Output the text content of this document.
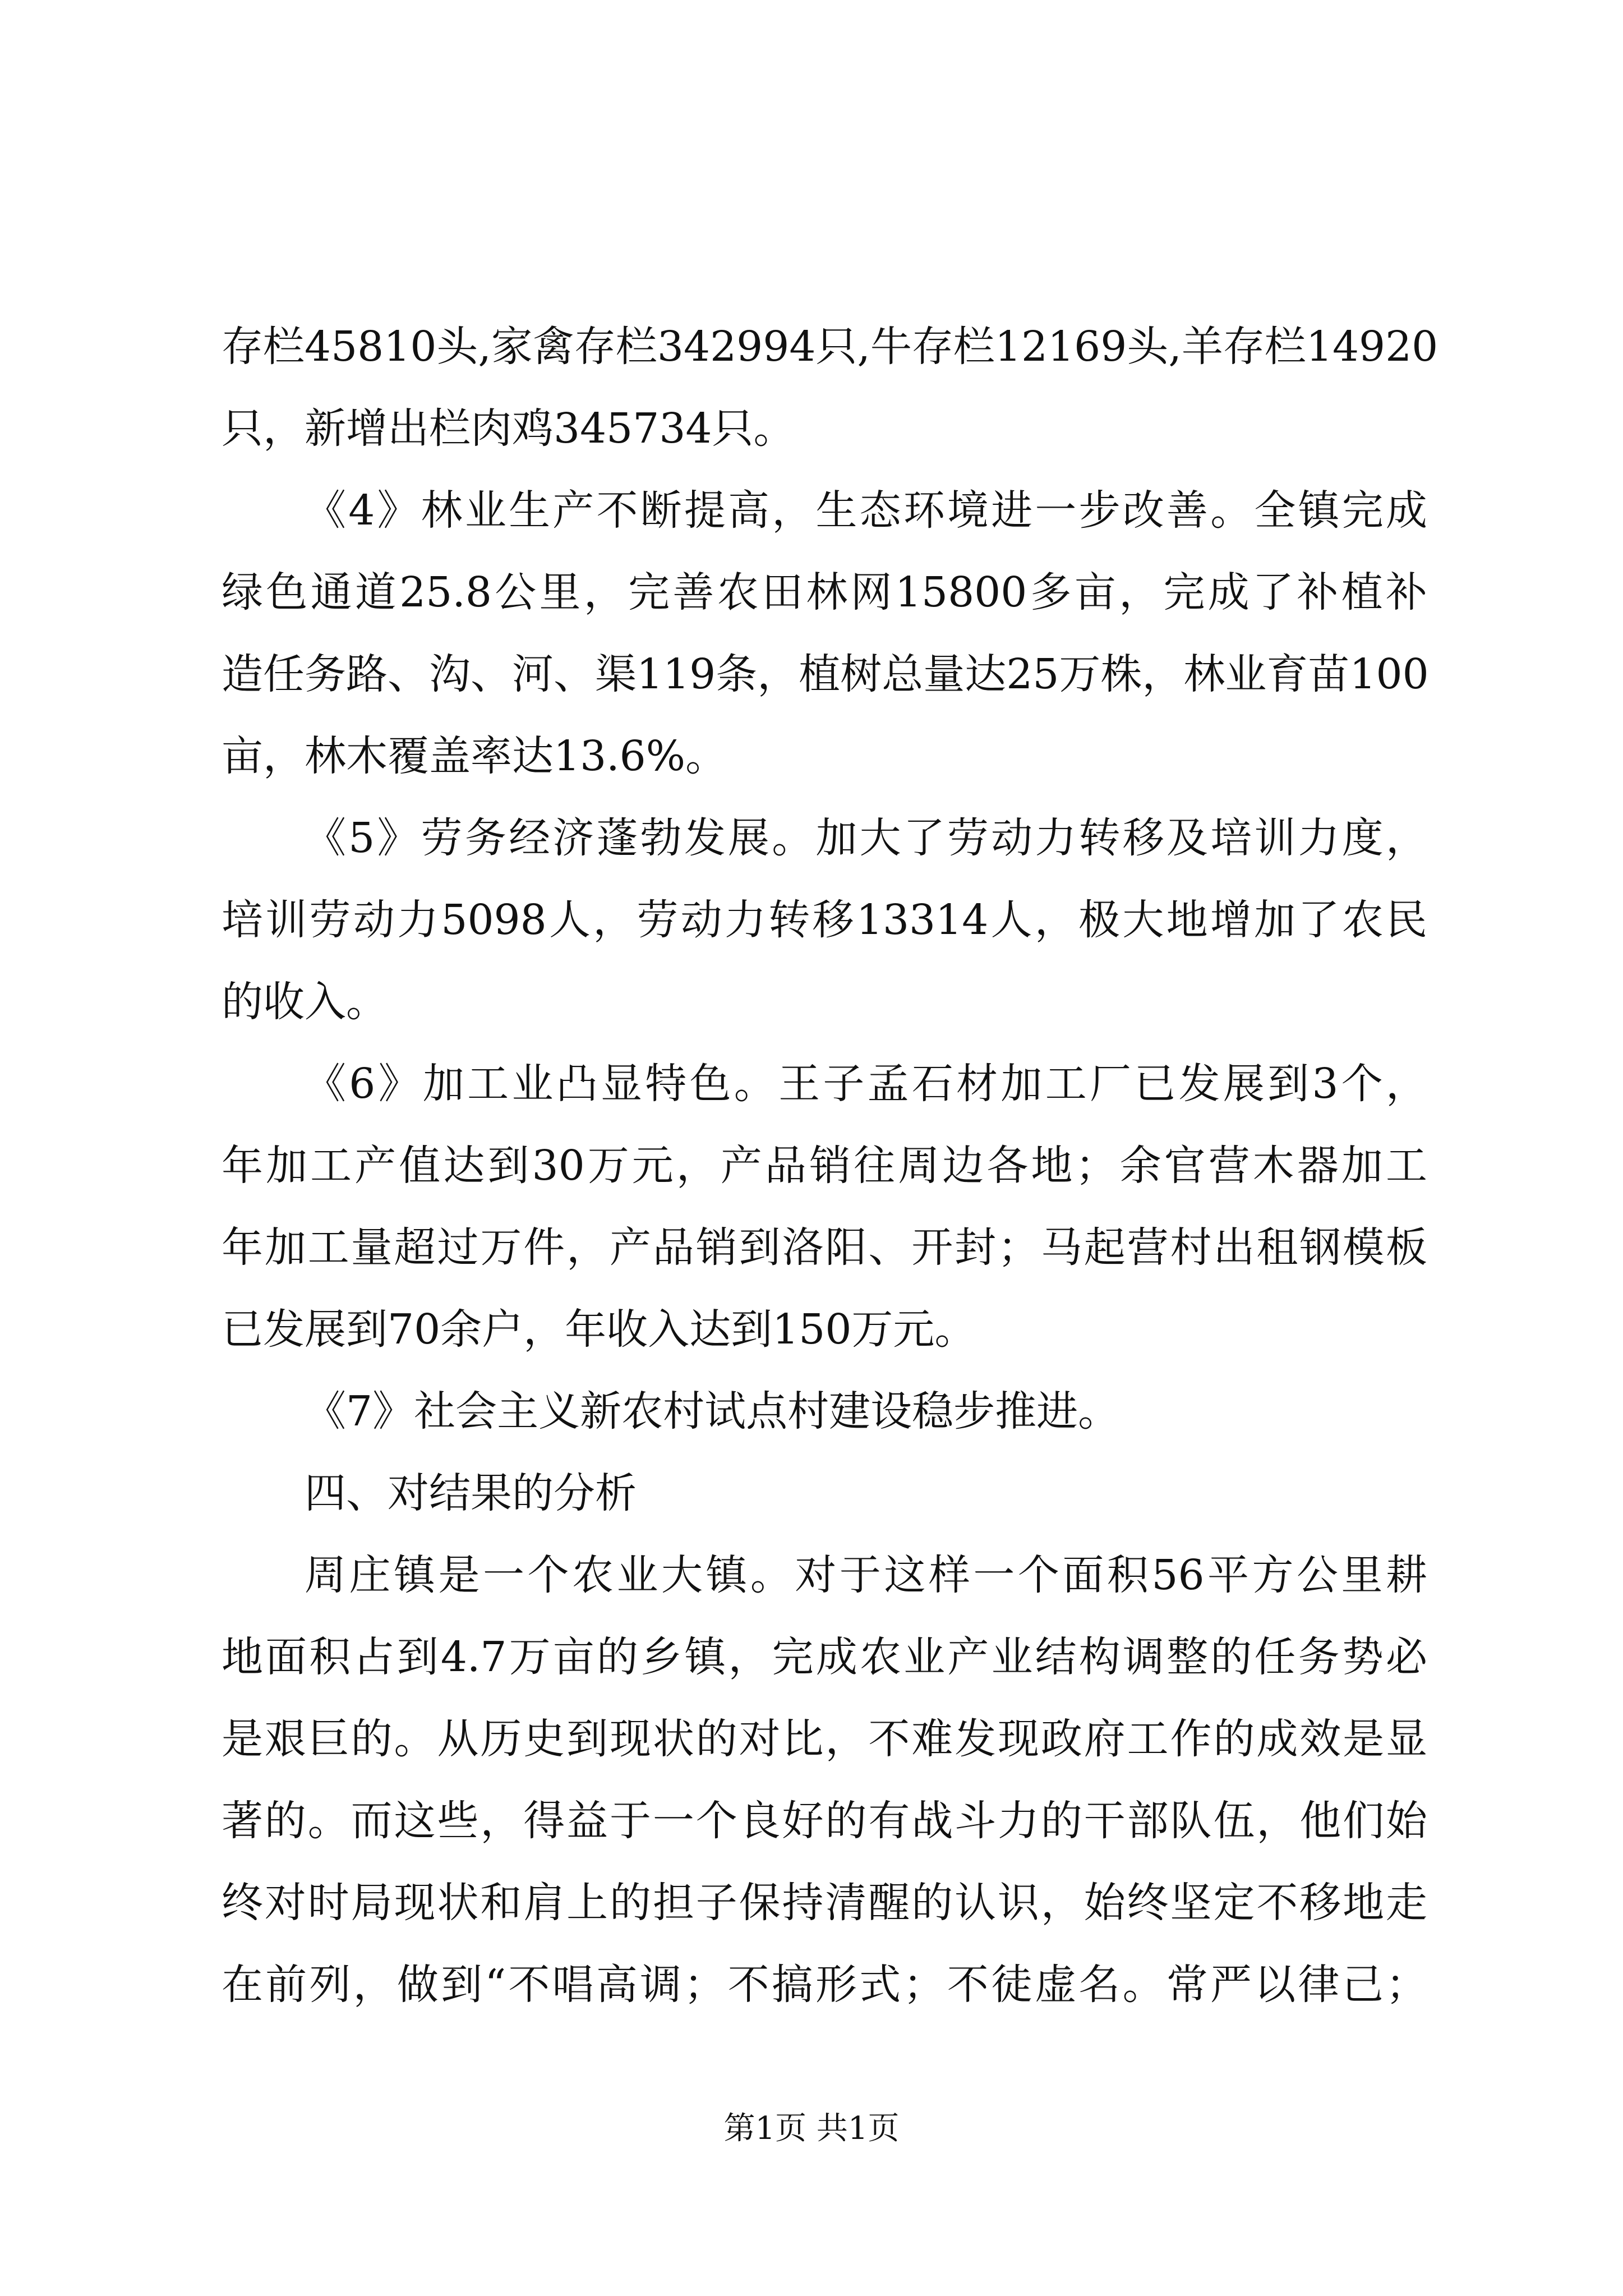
存栏45810头,家禽存栏342994只,牛存栏12169头,羊存栏14920
只，新增出栏肉鸡345734只。
《4》林业生产不断提高，生态环境进一步改善。全镇完成
绿色通道25.8公里，完善农田林网15800多亩，完成了补植补
造任务路、沟、河、渠119条，植树总量达25万株，林业育苗100
亩，林木覆盖率达13.6%。
《5》劳务经济蓬勃发展。加大了劳动力转移及培训力度，
培训劳动力5098人，劳动力转移13314人，极大地增加了农民
的收入。
《6》加工业凸显特色。王子孟石材加工厂已发展到3个，
年加工产值达到30万元，产品销往周边各地；余官营木器加工
年加工量超过万件，产品销到洛阳、开封；马起营村出租钢模板
已发展到70余户，年收入达到150万元。
《7》社会主义新农村试点村建设稳步推进。
四、对结果的分析
周庄镇是一个农业大镇。对于这样一个面积56平方公里耕
地面积占到4.7万亩的乡镇，完成农业产业结构调整的任务势必
是艰巨的。从历史到现状的对比，不难发现政府工作的成效是显
著的。而这些，得益于一个良好的有战斗力的干部队伍，他们始
终对时局现状和肩上的担子保持清醒的认识，始终坚定不移地走
在前列，做到“不唱高调；不搞形式；不徒虚名。常严以律己；
第1页 共1页
